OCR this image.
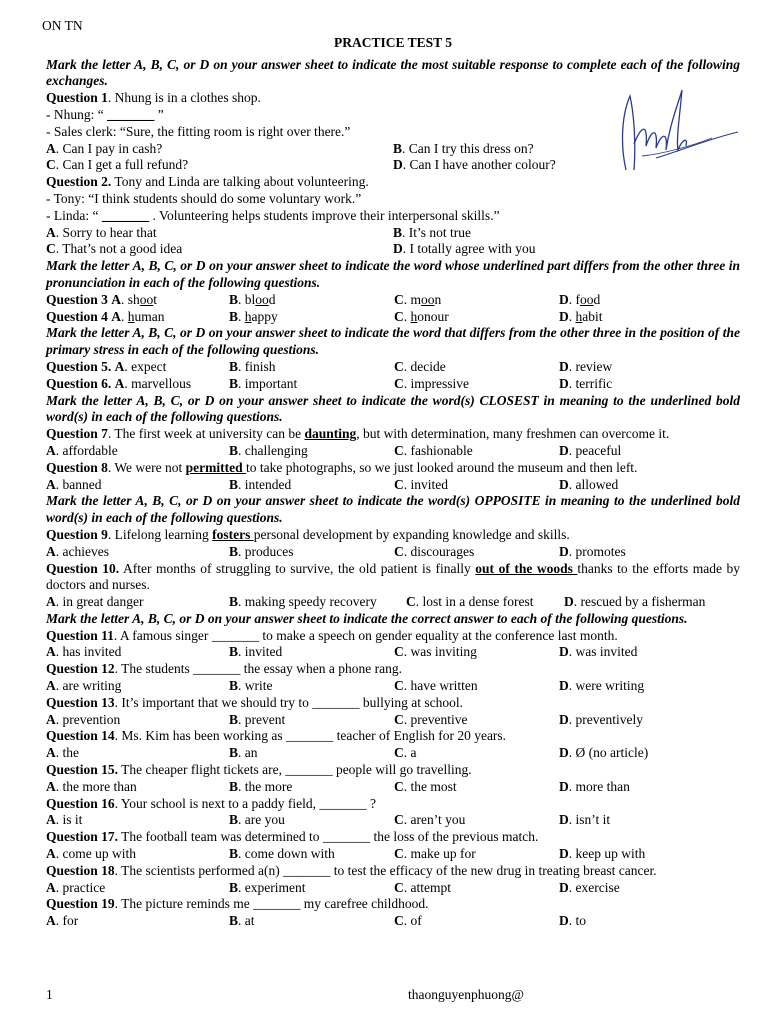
ON TN
PRACTICE TEST 5
Mark the letter A, B, C, or D on your answer sheet to indicate the most suitable response to complete each of the following exchanges.
Question 1. Nhung is in a clothes shop.
- Nhung: “ _______ ”
- Sales clerk: “Sure, the fitting room is right over there.”
A. Can I pay in cash?	B. Can I try this dress on?
C. Can I get a full refund?	D. Can I have another colour?
Question 2. Tony and Linda are talking about volunteering.
- Tony: “I think students should do some voluntary work.”
- Linda: “ _______ . Volunteering helps students improve their interpersonal skills.”
A. Sorry to hear that	B. It’s not true
C. That’s not a good idea	D. I totally agree with you
Mark the letter A, B, C, or D on your answer sheet to indicate the word whose underlined part differs from the other three in pronunciation in each of the following questions.
Question 3 A. shoot	B. blood	C. moon	D. food
Question 4 A. human	B. happy	C. honour	D. habit
Mark the letter A, B, C, or D on your answer sheet to indicate the word that differs from the other three in the position of the primary stress in each of the following questions.
Question 5. A. expect	B. finish	C. decide	D. review
Question 6. A. marvellous	B. important	C. impressive	D. terrific
Mark the letter A, B, C, or D on your answer sheet to indicate the word(s) CLOSEST in meaning to the underlined bold word(s) in each of the following questions.
Question 7. The first week at university can be daunting, but with determination, many freshmen can overcome it.
A. affordable	B. challenging	C. fashionable	D. peaceful
Question 8. We were not permitted to take photographs, so we just looked around the museum and then left.
A. banned	B. intended	C. invited	D. allowed
Mark the letter A, B, C, or D on your answer sheet to indicate the word(s) OPPOSITE in meaning to the underlined bold word(s) in each of the following questions.
Question 9. Lifelong learning fosters personal development by expanding knowledge and skills.
A. achieves	B. produces	C. discourages	D. promotes
Question 10. After months of struggling to survive, the old patient is finally out of the woods thanks to the efforts made by doctors and nurses.
A. in great danger	B. making speedy recovery	C. lost in a dense forest	D. rescued by a fisherman
Mark the letter A, B, C, or D on your answer sheet to indicate the correct answer to each of the following questions.
Question 11. A famous singer _______ to make a speech on gender equality at the conference last month.
A. has invited	B. invited	C. was inviting	D. was invited
Question 12. The students _______ the essay when a phone rang.
A. are writing	B. write	C. have written	D. were writing
Question 13. It’s important that we should try to _______ bullying at school.
A. prevention	B. prevent	C. preventive	D. preventively
Question 14. Ms. Kim has been working as _______ teacher of English for 20 years.
A. the	B. an	C. a	D. Ø (no article)
Question 15. The cheaper flight tickets are, _______ people will go travelling.
A. the more than	B. the more	C. the most	D. more than
Question 16. Your school is next to a paddy field, _______ ?
A. is it	B. are you	C. aren’t you	D. isn’t it
Question 17. The football team was determined to _______ the loss of the previous match.
A. come up with	B. come down with	C. make up for	D. keep up with
Question 18. The scientists performed a(n) _______ to test the efficacy of the new drug in treating breast cancer.
A. practice	B. experiment	C. attempt	D. exercise
Question 19. The picture reminds me _______ my carefree childhood.
A. for	B. at	C. of	D. to
1	thaonguyenphuong@
